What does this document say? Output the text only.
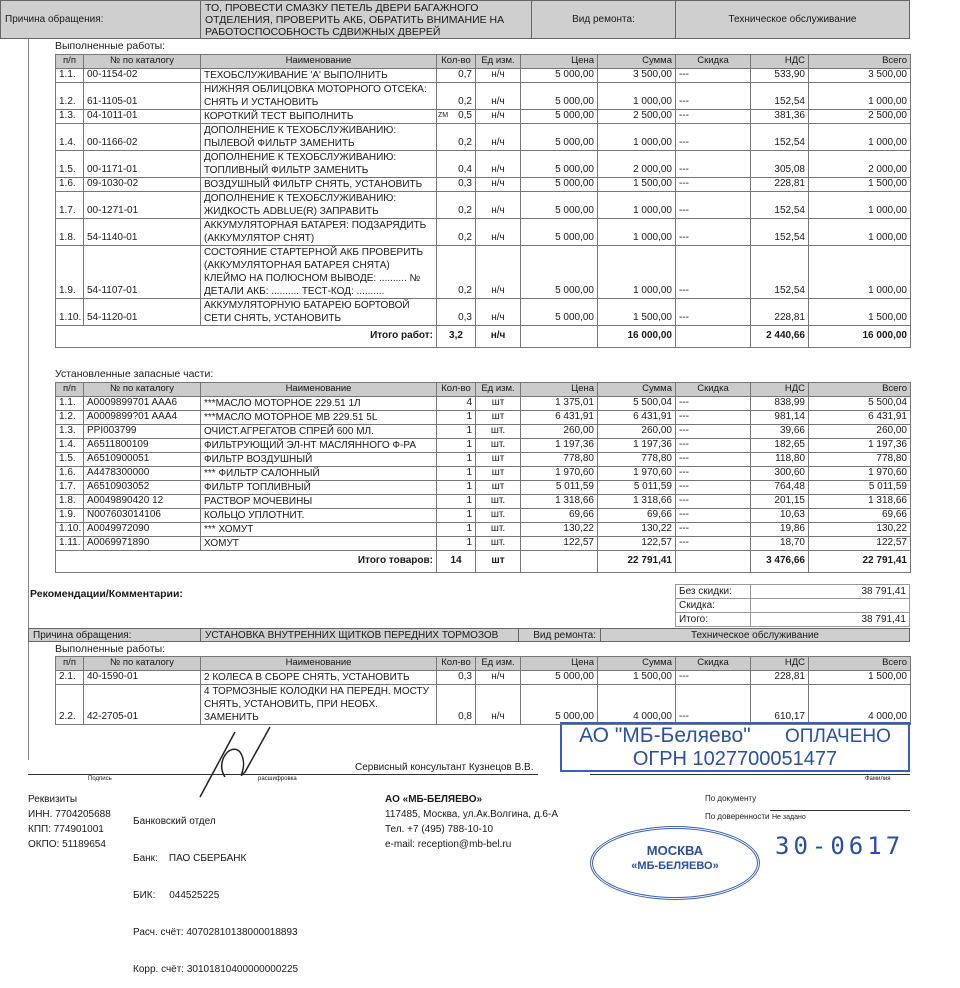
Причина обращения:
ТО, ПРОВЕСТИ СМАЗКУ ПЕТЕЛЬ ДВЕРИ БАГАЖНОГО ОТДЕЛЕНИЯ, ПРОВЕРИТЬ АКБ, ОБРАТИТЬ ВНИМАНИЕ НА РАБОТОСПОСОБНОСТЬ СДВИЖНЫХ ДВЕРЕЙ
Вид ремонта:	Техническое обслуживание
Выполненные работы:
п/п	№ по каталогу	Наименование	Кол-во	Ед изм.	Цена	Сумма	Скидка	НДС	Всего
1.1.	00-1154-02	ТЕХОБСЛУЖИВАНИЕ 'А' ВЫПОЛНИТЬ	0,7	н/ч	5 000,00	3 500,00	---	533,90	3 500,00
1.2.	61-1105-01	НИЖНЯЯ ОБЛИЦОВКА МОТОРНОГО ОТСЕКА: СНЯТЬ И УСТАНОВИТЬ	0,2	н/ч	5 000,00	1 000,00	---	152,54	1 000,00
1.3.	04-1011-01	КОРОТКИЙ ТЕСТ ВЫПОЛНИТЬ	ZM 0,5	н/ч	5 000,00	2 500,00	---	381,36	2 500,00
1.4.	00-1166-02	ДОПОЛНЕНИЕ К ТЕХОБСЛУЖИВАНИЮ: ПЫЛЕВОЙ ФИЛЬТР ЗАМЕНИТЬ	0,2	н/ч	5 000,00	1 000,00	---	152,54	1 000,00
1.5.	00-1171-01	ДОПОЛНЕНИЕ К ТЕХОБСЛУЖИВАНИЮ: ТОПЛИВНЫЙ ФИЛЬТР ЗАМЕНИТЬ	0,4	н/ч	5 000,00	2 000,00	---	305,08	2 000,00
1.6.	09-1030-02	ВОЗДУШНЫЙ ФИЛЬТР СНЯТЬ, УСТАНОВИТЬ	0,3	н/ч	5 000,00	1 500,00	---	228,81	1 500,00
1.7.	00-1271-01	ДОПОЛНЕНИЕ К ТЕХОБСЛУЖИВАНИЮ: ЖИДКОСТЬ ADBLUE(R) ЗАПРАВИТЬ	0,2	н/ч	5 000,00	1 000,00	---	152,54	1 000,00
1.8.	54-1140-01	АККУМУЛЯТОРНАЯ БАТАРЕЯ: ПОДЗАРЯДИТЬ (АККУМУЛЯТОР СНЯТ)	0,2	н/ч	5 000,00	1 000,00	---	152,54	1 000,00
1.9.	54-1107-01	СОСТОЯНИЕ СТАРТЕРНОЙ АКБ ПРОВЕРИТЬ (АККУМУЛЯТОРНАЯ БАТАРЕЯ СНЯТА) КЛЕЙМО НА ПОЛЮСНОМ ВЫВОДЕ: .......... № ДЕТАЛИ АКБ: .......... ТЕСТ-КОД: ..........	0,2	н/ч	5 000,00	1 000,00	---	152,54	1 000,00
1.10.	54-1120-01	АККУМУЛЯТОРНУЮ БАТАРЕЮ БОРТОВОЙ СЕТИ СНЯТЬ, УСТАНОВИТЬ	0,3	н/ч	5 000,00	1 500,00	---	228,81	1 500,00
Итого работ:			3,2	н/ч		16 000,00		2 440,66	16 000,00
Установленные запасные части:
п/п	№ по каталогу	Наименование	Кол-во	Ед изм.	Цена	Сумма	Скидка	НДС	Всего
1.1.	A0009899701 AAA6	***МАСЛО МОТОРНОЕ 229.51 1Л	4	шт	1 375,01	5 500,04	---	838,99	5 500,04
1.2.	A0009899?01 AAA4	***МАСЛО МОТОРНОЕ МВ 229.51 5L	1	шт	6 431,91	6 431,91	---	981,14	6 431,91
1.3.	PPI003799	ОЧИСТ.АГРЕГАТОВ СПРЕЙ 600 МЛ.	1	шт.	260,00	260,00	---	39,66	260,00
1.4.	A6511800109	ФИЛЬТРУЮЩИЙ ЭЛ-НТ МАСЛЯННОГО Ф-РА	1	шт.	1 197,36	1 197,36	---	182,65	1 197,36
1.5.	A6510900051	ФИЛЬТР ВОЗДУШНЫЙ	1	шт	778,80	778,80	---	118,80	778,80
1.6.	A4478300000	*** ФИЛЬТР САЛОННЫЙ	1	шт	1 970,60	1 970,60	---	300,60	1 970,60
1.7.	A6510903052	ФИЛЬТР ТОПЛИВНЫЙ	1	шт	5 011,59	5 011,59	---	764,48	5 011,59
1.8.	A0049890420 12	РАСТВОР МОЧЕВИНЫ	1	шт.	1 318,66	1 318,66	---	201,15	1 318,66
1.9.	N007603014106	КОЛЬЦО УПЛОТНИТ.	1	шт.	69,66	69,66	---	10,63	69,66
1.10.	A0049972090	*** ХОМУТ	1	шт.	130,22	130,22	---	19,86	130,22
1.11.	A0069971890	ХОМУТ	1	шт.	122,57	122,57	---	18,70	122,57
Итого товаров:			14	шт		22 791,41		3 476,66	22 791,41
Рекомендации/Комментарии:	Без скидки:	38 791,41
Скидка:	
Итого:	38 791,41
Причина обращения:	УСТАНОВКА ВНУТРЕННИХ ЩИТКОВ ПЕРЕДНИХ ТОРМОЗОВ	Вид ремонта:	Техническое обслуживание
Выполненные работы:
п/п	№ по каталогу	Наименование	Кол-во	Ед изм.	Цена	Сумма	Скидка	НДС	Всего
2.1.	40-1590-01	2 КОЛЕСА В СБОРЕ СНЯТЬ, УСТАНОВИТЬ	0,3	н/ч	5 000,00	1 500,00	---	228,81	1 500,00
2.2.	42-2705-01	4 ТОРМОЗНЫЕ КОЛОДКИ НА ПЕРЕДН. МОСТУ СНЯТЬ, УСТАНОВИТЬ, ПРИ НЕОБХ. ЗАМЕНИТЬ	0,8	н/ч	5 000,00	4 000,00	---	610,17	4 000,00
Сервисный консультант Кузнецов В.В.
Подпись	расшифровка	Фамилия
По документу
По доверенности Не задано
Реквизиты
ИНН. 7704205688
КПП: 774901001
ОКПО: 51189654

Банковский отдел

Банк:    ПАО СБЕРБАНК

БИК:     044525225

Расч. счёт: 40702810138000018893

Корр. счёт: 30101810400000000225

АО «МБ-БЕЛЯЕВО»
117485, Москва, ул.Ак.Волгина, д.6-А
Тел. +7 (495) 788-10-10
e-mail: reception@mb-bel.ru	МОСКВА
«МБ-БЕЛЯЕВО»
АО "МБ-Беляево" ОПЛАЧЕНО
ОГРН 1027700051477
30-0617
